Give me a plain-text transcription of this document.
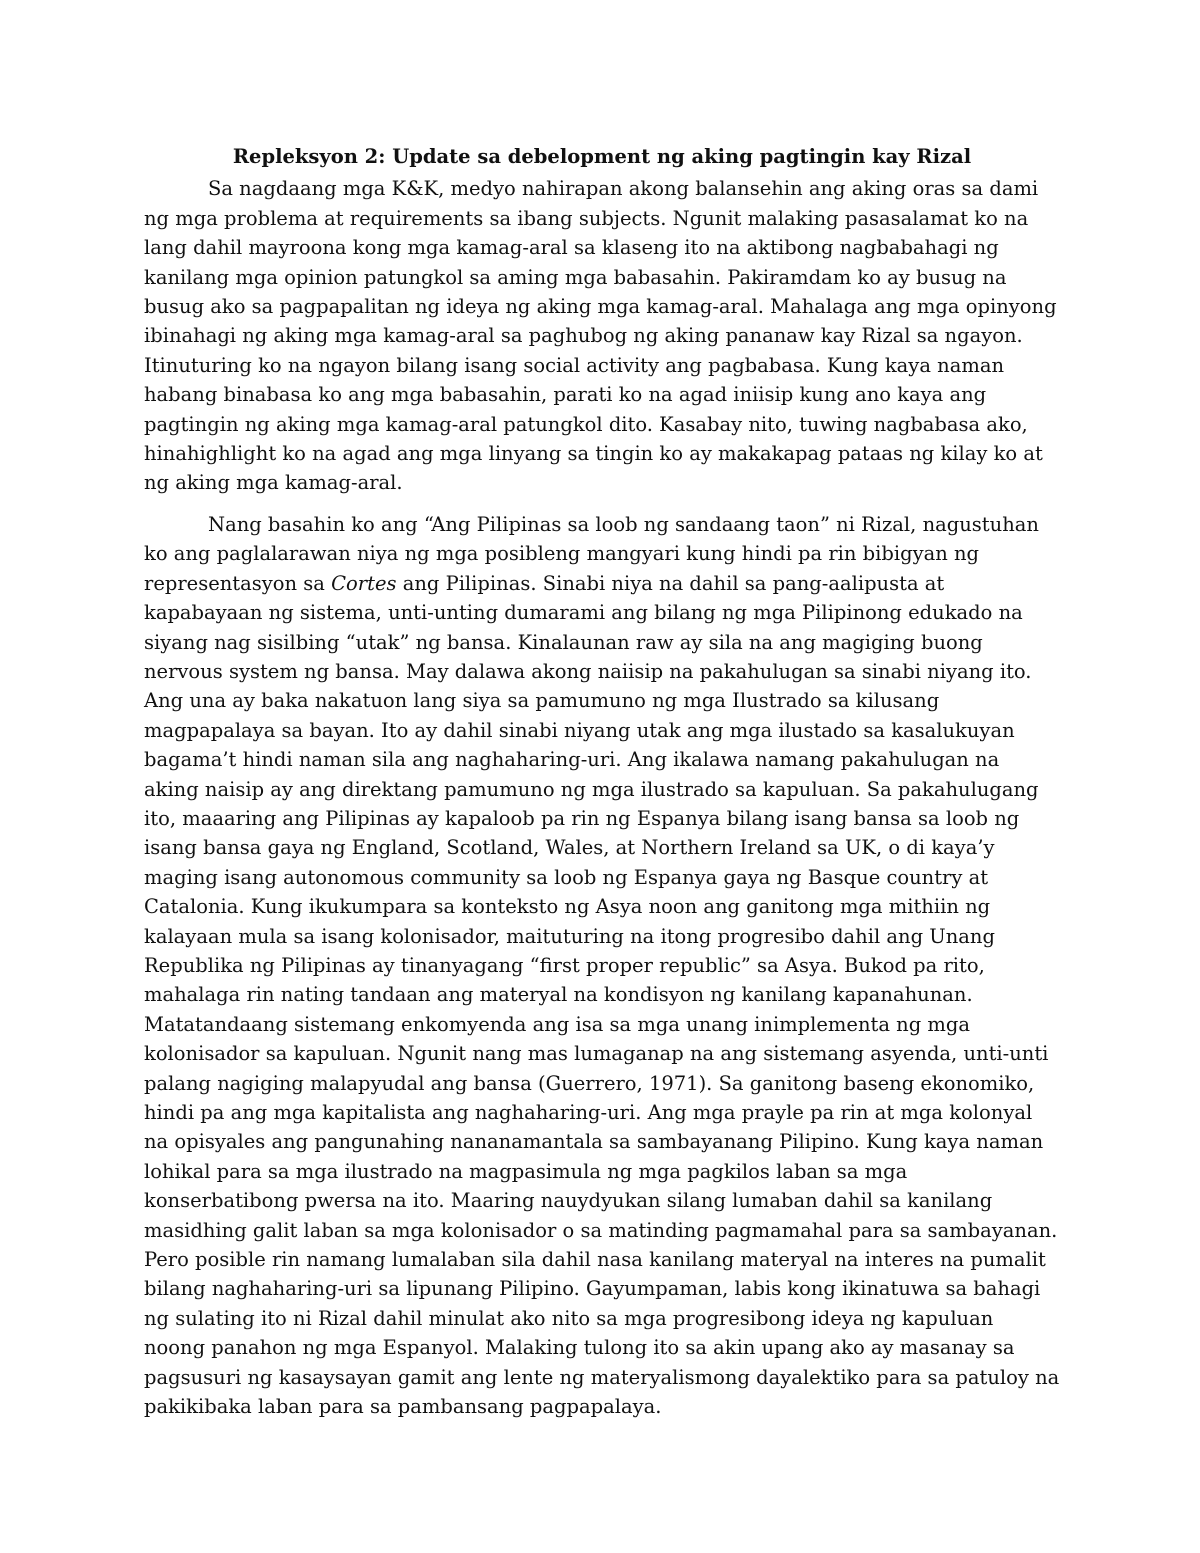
Repleksyon 2: Update sa debelopment ng aking pagtingin kay Rizal

Sa nagdaang mga K&K, medyo nahirapan akong balansehin ang aking oras sa dami ng mga problema at requirements sa ibang subjects. Ngunit malaking pasasalamat ko na lang dahil mayroona kong mga kamag-aral sa klaseng ito na aktibong nagbabahagi ng kanilang mga opinion patungkol sa aming mga babasahin. Pakiramdam ko ay busug na busug ako sa pagpapalitan ng ideya ng aking mga kamag-aral. Mahalaga ang mga opinyong ibinahagi ng aking mga kamag-aral sa paghubog ng aking pananaw kay Rizal sa ngayon. Itinuturing ko na ngayon bilang isang social activity ang pagbabasa. Kung kaya naman habang binabasa ko ang mga babasahin, parati ko na agad iniisip kung ano kaya ang pagtingin ng aking mga kamag-aral patungkol dito. Kasabay nito, tuwing nagbabasa ako, hinahighlight ko na agad ang mga linyang sa tingin ko ay makakapag pataas ng kilay ko at ng aking mga kamag-aral.

Nang basahin ko ang “Ang Pilipinas sa loob ng sandaang taon” ni Rizal, nagustuhan ko ang paglalarawan niya ng mga posibleng mangyari kung hindi pa rin bibigyan ng representasyon sa Cortes ang Pilipinas. Sinabi niya na dahil sa pang-aalipusta at kapabayaan ng sistema, unti-unting dumarami ang bilang ng mga Pilipinong edukado na siyang nag sisilbing “utak” ng bansa. Kinalaunan raw ay sila na ang magiging buong nervous system ng bansa. May dalawa akong naiisip na pakahulugan sa sinabi niyang ito. Ang una ay baka nakatuon lang siya sa pamumuno ng mga Ilustrado sa kilusang magpapalaya sa bayan. Ito ay dahil sinabi niyang utak ang mga ilustado sa kasalukuyan bagama’t hindi naman sila ang naghaharing-uri. Ang ikalawa namang pakahulugan na aking naisip ay ang direktang pamumuno ng mga ilustrado sa kapuluan. Sa pakahulugang ito, maaaring ang Pilipinas ay kapaloob pa rin ng Espanya bilang isang bansa sa loob ng isang bansa gaya ng England, Scotland, Wales, at Northern Ireland sa UK, o di kaya’y maging isang autonomous community sa loob ng Espanya gaya ng Basque country at Catalonia. Kung ikukumpara sa konteksto ng Asya noon ang ganitong mga mithiin ng kalayaan mula sa isang kolonisador, maituturing na itong progresibo dahil ang Unang Republika ng Pilipinas ay tinanyagang “first proper republic” sa Asya. Bukod pa rito, mahalaga rin nating tandaan ang materyal na kondisyon ng kanilang kapanahunan. Matatandaang sistemang enkomyenda ang isa sa mga unang inimplementa ng mga kolonisador sa kapuluan. Ngunit nang mas lumaganap na ang sistemang asyenda, unti-unti palang nagiging malapyudal ang bansa (Guerrero, 1971). Sa ganitong baseng ekonomiko, hindi pa ang mga kapitalista ang naghaharing-uri. Ang mga prayle pa rin at mga kolonyal na opisyales ang pangunahing nananamantala sa sambayanang Pilipino. Kung kaya naman lohikal para sa mga ilustrado na magpasimula ng mga pagkilos laban sa mga konserbatibong pwersa na ito. Maaring nauydyukan silang lumaban dahil sa kanilang masidhing galit laban sa mga kolonisador o sa matinding pagmamahal para sa sambayanan. Pero posible rin namang lumalaban sila dahil nasa kanilang materyal na interes na pumalit bilang naghaharing-uri sa lipunang Pilipino. Gayumpaman, labis kong ikinatuwa sa bahagi ng sulating ito ni Rizal dahil minulat ako nito sa mga progresibong ideya ng kapuluan noong panahon ng mga Espanyol. Malaking tulong ito sa akin upang ako ay masanay sa pagsusuri ng kasaysayan gamit ang lente ng materyalismong dayalektiko para sa patuloy na pakikibaka laban para sa pambansang pagpapalaya.
